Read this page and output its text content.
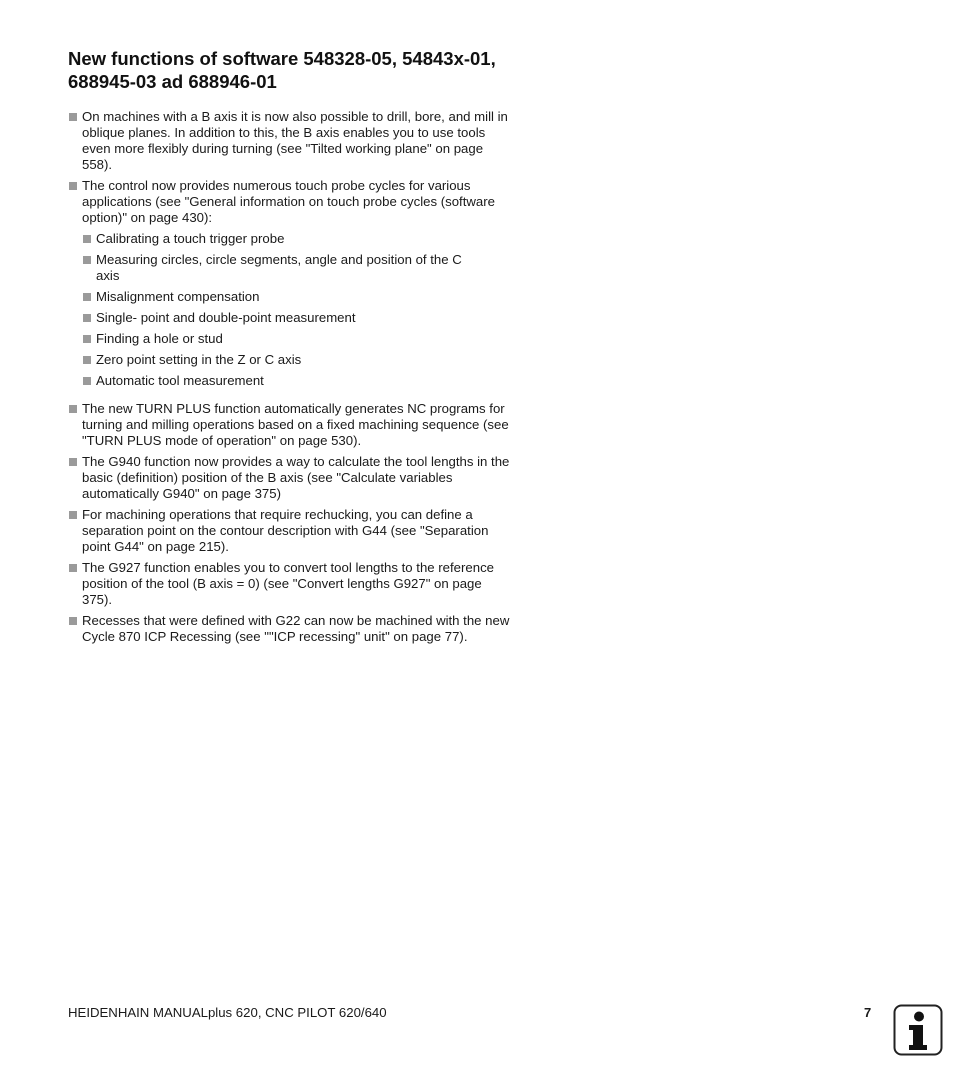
New functions of software 548328-05, 54843x-01,
688945-03 ad 688946-01
On machines with a B axis it is now also possible to drill, bore, and mill in oblique planes. In addition to this, the B axis enables you to use tools even more flexibly during turning (see "Tilted working plane" on page 558).
The control now provides numerous touch probe cycles for various applications (see "General information on touch probe cycles (software option)" on page 430):
Calibrating a touch trigger probe
Measuring circles, circle segments, angle and position of the C axis
Misalignment compensation
Single- point and double-point measurement
Finding a hole or stud
Zero point setting in the Z or C axis
Automatic tool measurement
The new TURN PLUS function automatically generates NC programs for turning and milling operations based on a fixed machining sequence (see "TURN PLUS mode of operation" on page 530).
The G940 function now provides a way to calculate the tool lengths in the basic (definition) position of the B axis (see "Calculate variables automatically G940" on page 375)
For machining operations that require rechucking, you can define a separation point on the contour description with G44 (see "Separation point G44" on page 215).
The G927 function enables you to convert tool lengths to the reference position of the tool (B axis = 0) (see "Convert lengths G927" on page 375).
Recesses that were defined with G22 can now be machined with the new Cycle 870 ICP Recessing (see ""ICP recessing" unit" on page 77).
HEIDENHAIN MANUALplus 620, CNC PILOT 620/640	7
